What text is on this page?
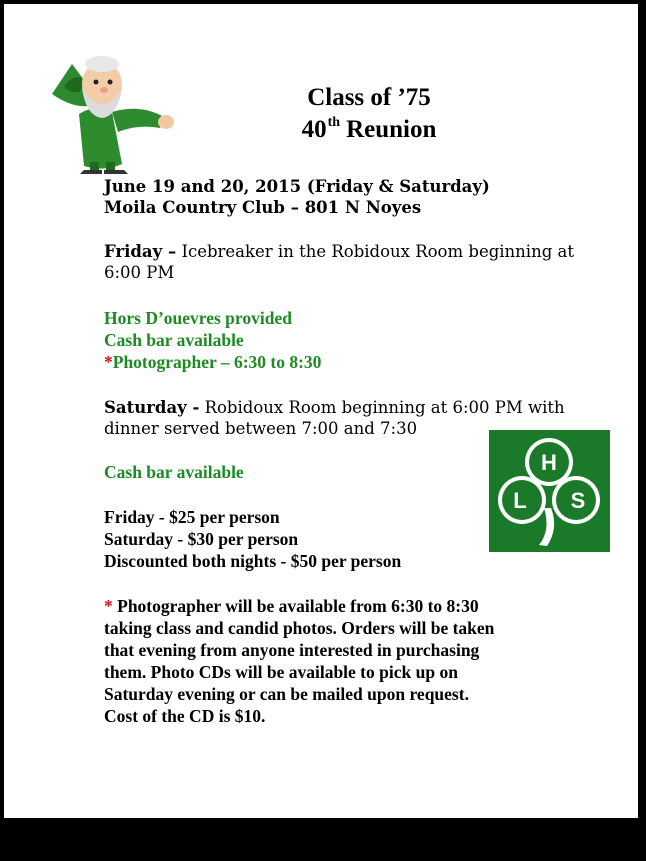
Class of ’75
40th Reunion
June 19 and 20, 2015 (Friday & Saturday)
Moila Country Club – 801 N Noyes
Friday – Icebreaker in the Robidoux Room beginning at
6:00 PM
Hors D’ouevres provided
Cash bar available
*Photographer – 6:30 to 8:30
Saturday - Robidoux Room beginning at 6:00 PM with
dinner served between 7:00 and 7:30
Cash bar available
Friday - $25 per person
Saturday - $30 per person
Discounted both nights - $50 per person
* Photographer will be available from 6:30 to 8:30
taking class and candid photos. Orders will be taken
that evening from anyone interested in purchasing
them. Photo CDs will be available to pick up on
Saturday evening or can be mailed upon request.
Cost of the CD is $10.
H
L S
